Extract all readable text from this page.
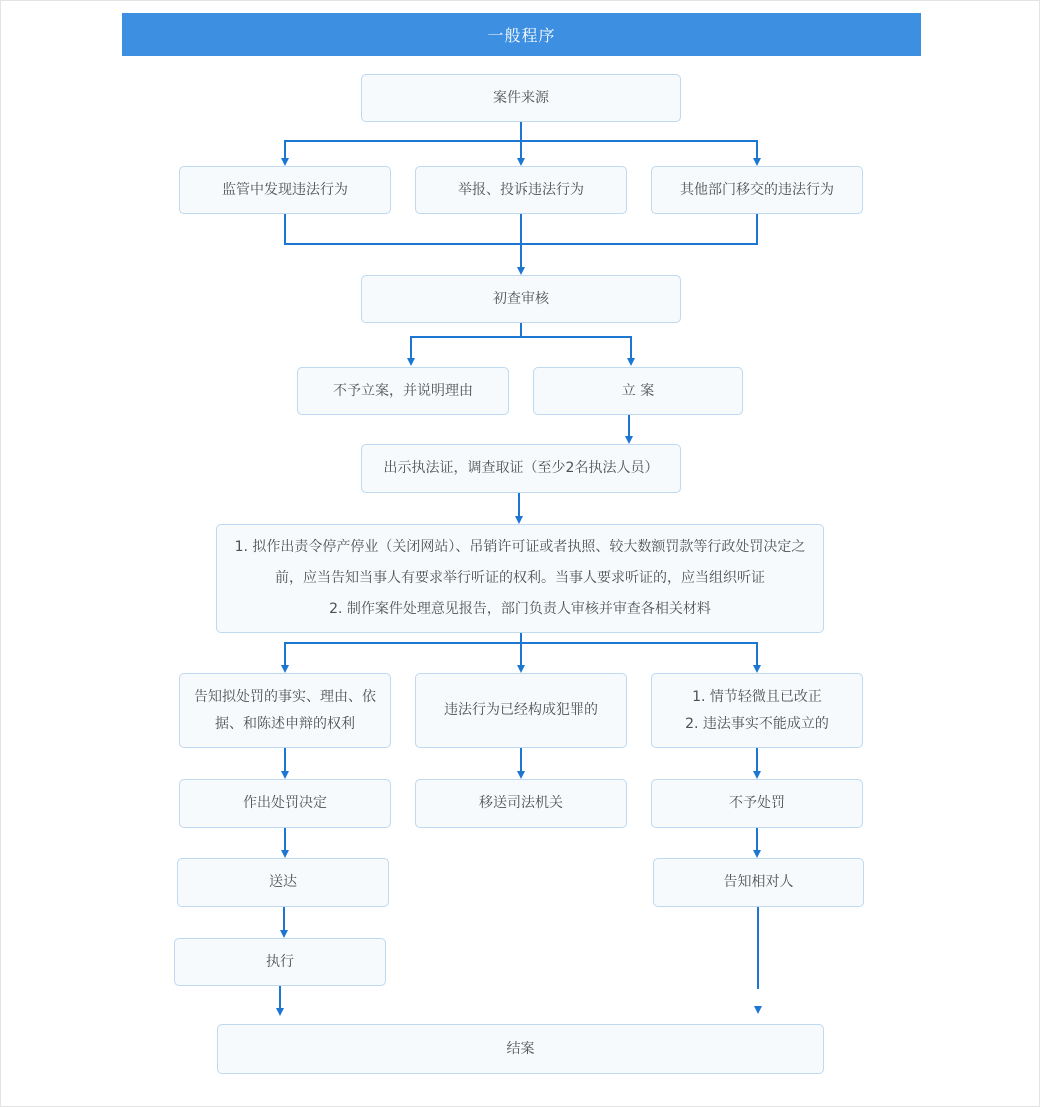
一般程序
案件来源
监管中发现违法行为	举报、投诉违法行为	其他部门移交的违法行为
初查审核
不予立案，并说明理由	立 案
出示执法证，调查取证（至少2名执法人员）
1. 拟作出责令停产停业（关闭网站）、吊销许可证或者执照、较大数额罚款等行政处罚决定之
前，应当告知当事人有要求举行听证的权利。当事人要求听证的，应当组织听证
2. 制作案件处理意见报告，部门负责人审核并审查各相关材料
告知拟处罚的事实、理由、依
据、和陈述申辩的权利
违法行为已经构成犯罪的
1. 情节轻微且已改正
2. 违法事实不能成立的
作出处罚决定	移送司法机关	不予处罚
送达	告知相对人
执行
结案
